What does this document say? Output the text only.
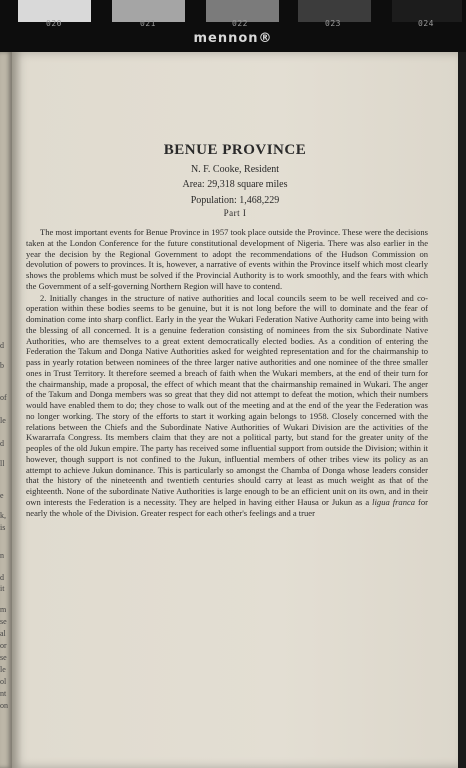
020	021	022	023	024
mennon®
d
b
of
le
d
ll
e
k,
is
n
d
it
m
se
al
or
se
le
ol
nt
on
BENUE PROVINCE
N. F. Cooke, Resident
Area: 29,318 square miles
Population: 1,468,229
Part I

The most important events for Benue Province in 1957 took place outside the Province. These were the decisions taken at the London Conference for the future constitutional development of Nigeria. There was also earlier in the year the decision by the Regional Government to adopt the recommendations of the Hudson Commission on devolution of powers to provinces. It is, however, a narrative of events within the Province itself which most clearly shows the problems which must be solved if the Provincial Authority is to work smoothly, and the fears with which the Government of a self-governing Northern Region will have to contend.

2. Initially changes in the structure of native authorities and local councils seem to be well received and co-operation within these bodies seems to be genuine, but it is not long before the will to dominate and the fear of domination come into sharp conflict. Early in the year the Wukari Federation Native Authority came into being with the blessing of all concerned. It is a genuine federation consisting of nominees from the six Subordinate Native Authorities, who are themselves to a great extent democratically elected bodies. As a condition of entering the Federation the Takum and Donga Native Authorities asked for weighted representation and for the chairmanship to pass in yearly rotation between nominees of the three larger native authorities and one nominee of the three smaller ones in Trust Territory. It therefore seemed a breach of faith when the Wukari members, at the end of their turn for the chairmanship, made a proposal, the effect of which meant that the chairmanship remained in Wukari. The anger of the Takum and Donga members was so great that they did not attempt to defeat the motion, which their numbers would have enabled them to do; they chose to walk out of the meeting and at the end of the year the Federation was no longer working. The story of the efforts to start it working again belongs to 1958. Closely concerned with the relations between the Chiefs and the Subordinate Native Authorities of Wukari Division are the activities of the Kwararrafa Congress. Its members claim that they are not a political party, but stand for the greater unity of the peoples of the old Jukun empire. The party has received some influential support from outside the Division; within it however, though support is not confined to the Jukun, influential members of other tribes view its policy as an attempt to achieve Jukun dominance. This is particularly so amongst the Chamba of Donga whose leaders consider that the history of the nineteenth and twentieth centuries should carry at least as much weight as that of the eighteenth. None of the subordinate Native Authorities is large enough to be an efficient unit on its own, and in their own interests the Federation is a necessity. They are helped in having either Hausa or Jukun as a ligua franca for nearly the whole of the Division. Greater respect for each other's feelings and a truer
